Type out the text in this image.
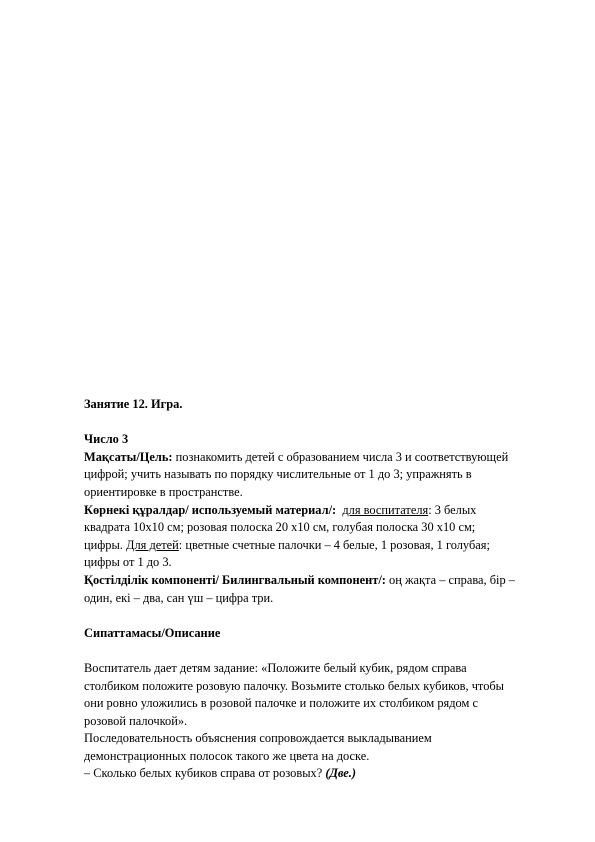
Занятие 12. Игра.
Число 3
Мақсаты/Цель: познакомить детей с образованием числа 3 и соответствующей
цифрой; учить называть по порядку числительные от 1 до 3; упражнять в
ориентировке в пространстве.
Көрнекі құралдар/ используемый материал/: для воспитателя: 3 белых
квадрата 10х10 см; розовая полоска 20 х10 см, голубая полоска 30 х10 см;
цифры. Для детей: цветные счетные палочки – 4 белые, 1 розовая, 1 голубая;
цифры от 1 до 3.
Қостілділік компоненті/ Билингвальный компонент/: оң жақта – справа, бір –
один, екі – два, сан үш – цифра три.
Сипаттамасы/Описание
Воспитатель дает детям задание: «Положите белый кубик, рядом справа
столбиком положите розовую палочку. Возьмите столько белых кубиков, чтобы
они ровно уложились в розовой палочке и положите их столбиком рядом с
розовой палочкой».
Последовательность объяснения сопровождается выкладыванием
демонстрационных полосок такого же цвета на доске.
– Сколько белых кубиков справа от розовых? (Две.)
